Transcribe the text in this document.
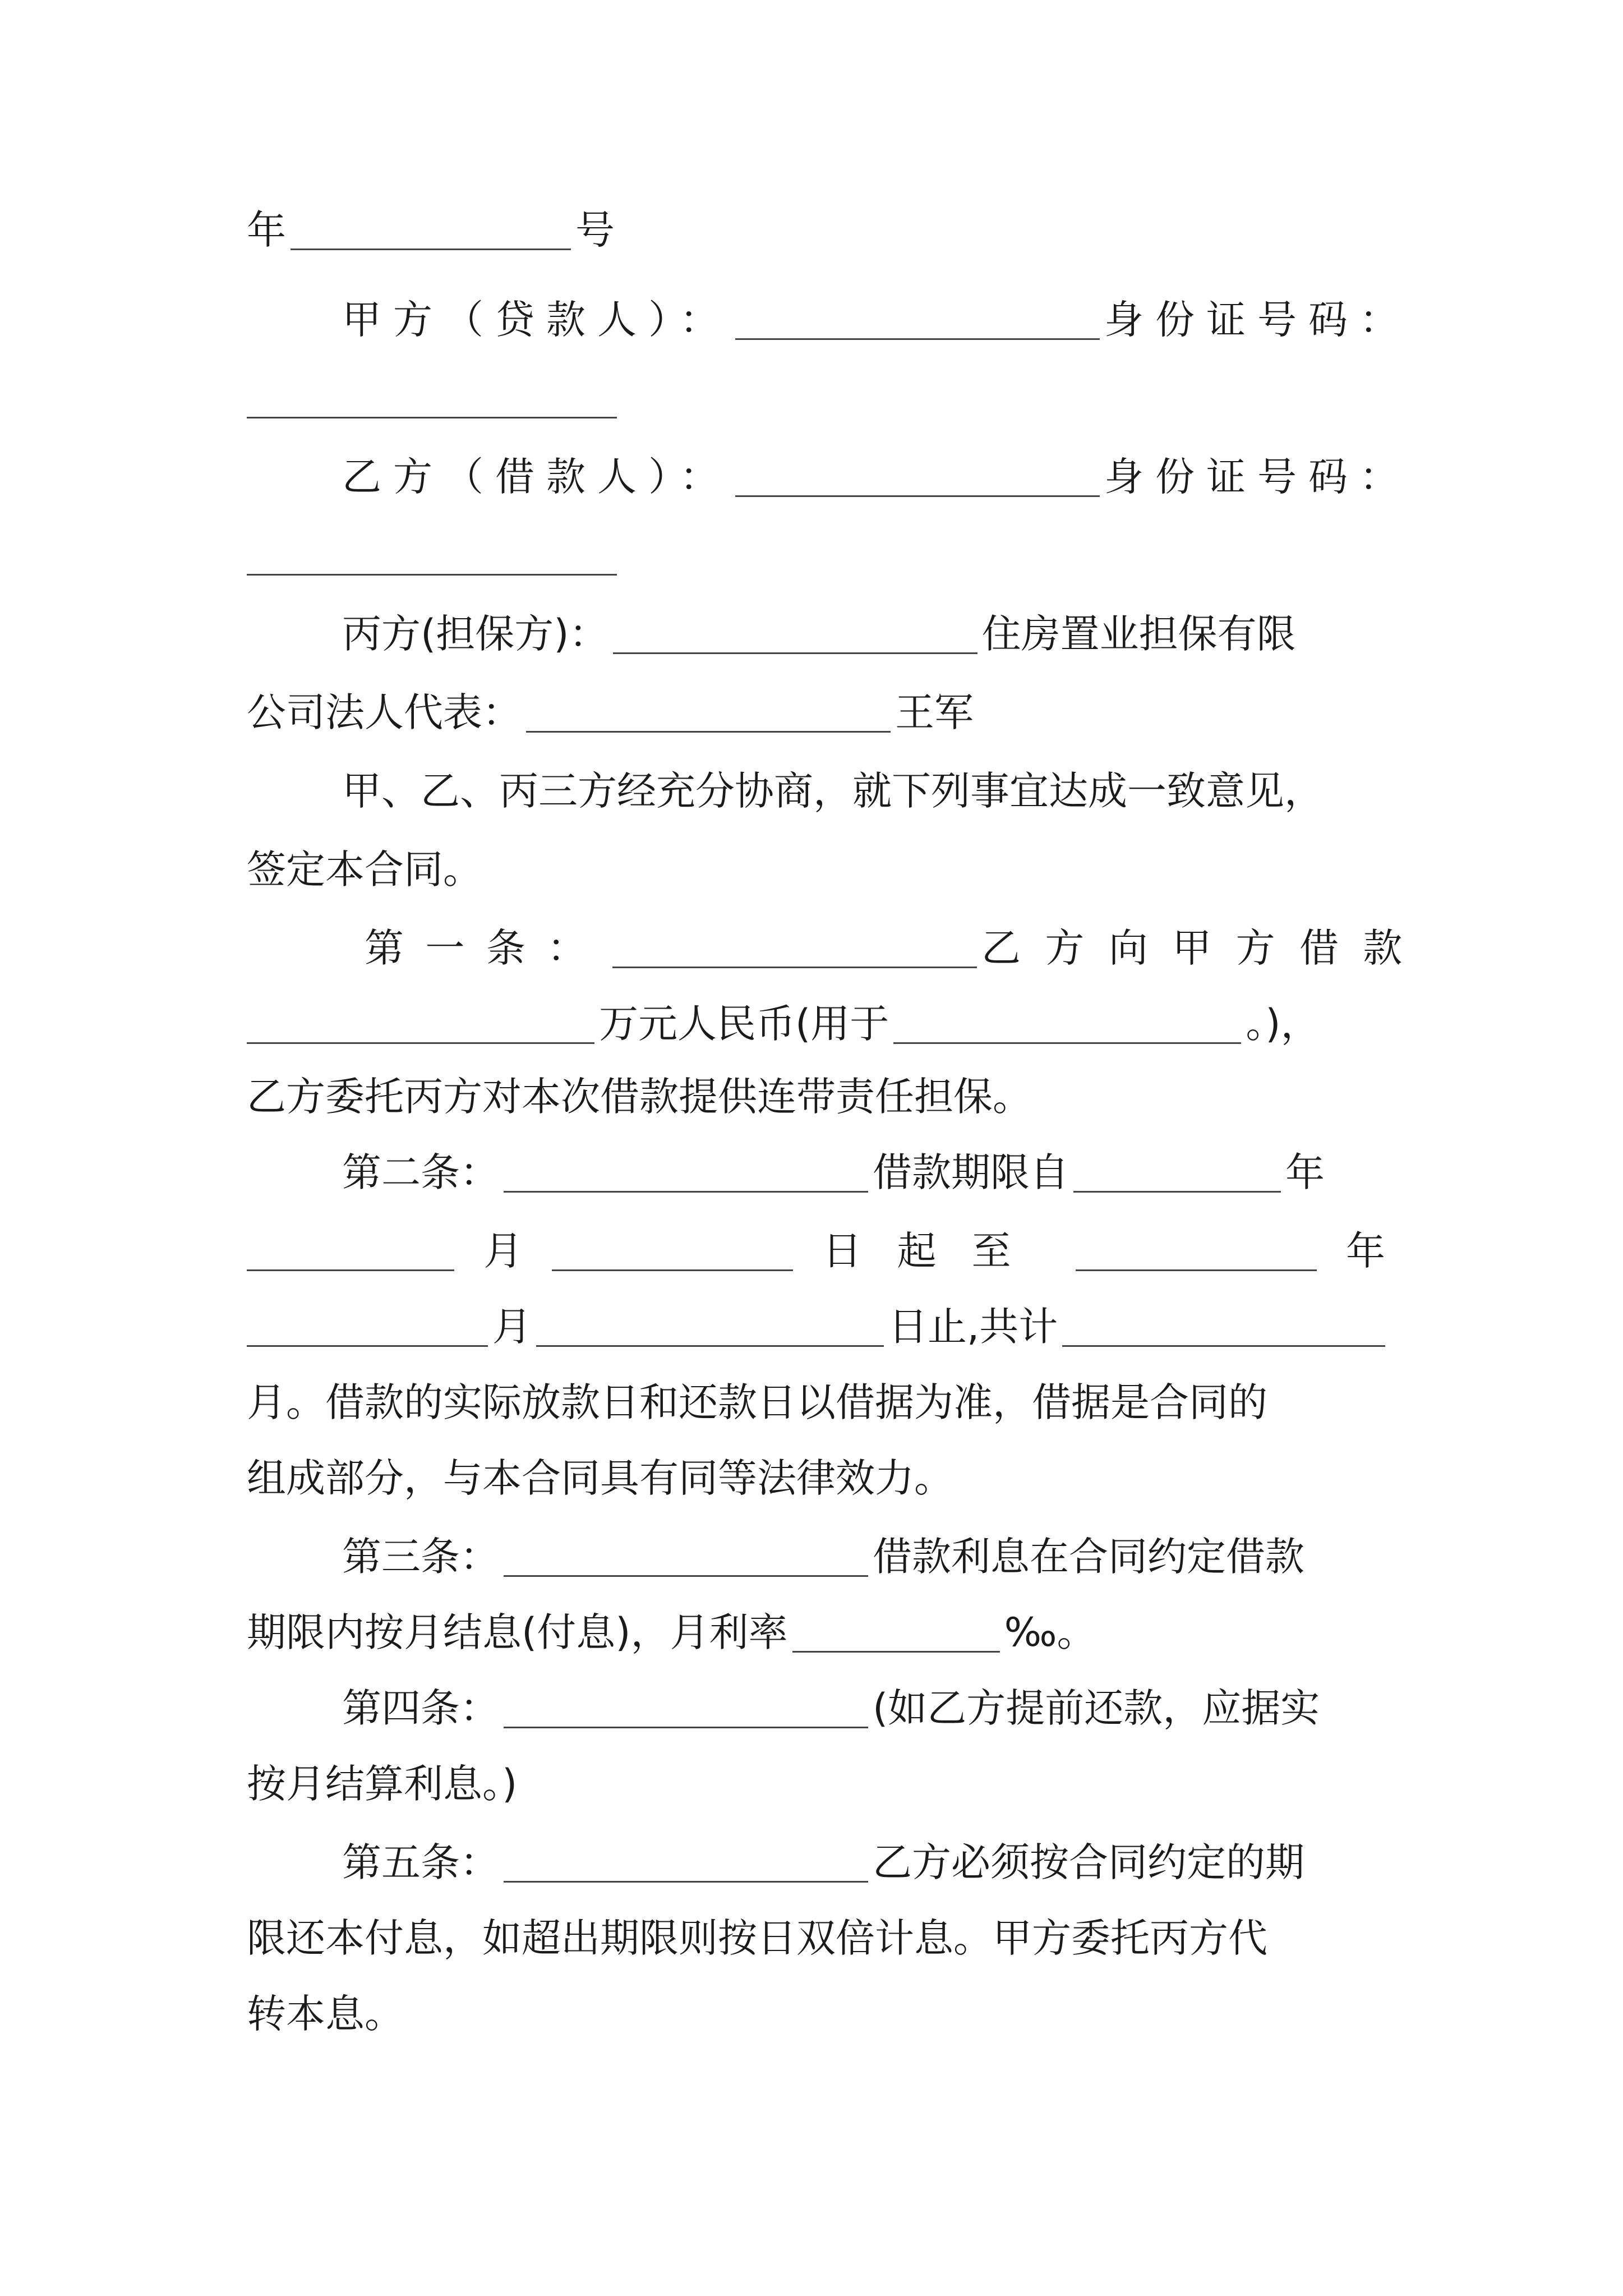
年	号
甲方（贷款人）：	身份证号码：
乙方（借款人）：	身份证号码：
丙方(担保方)：	住房置业担保有限
公司法人代表：	王军
甲、乙、丙三方经充分协商，就下列事宜达成一致意见，
签定本合同。
第一条：	乙方向甲方借款
万元人民币(用于	。)，
乙方委托丙方对本次借款提供连带责任担保。
第二条：	借款期限自	年
月	日起至	年
月	日止,共计
月。借款的实际放款日和还款日以借据为准，借据是合同的
组成部分，与本合同具有同等法律效力。
第三条：	借款利息在合同约定借款
期限内按月结息(付息)，月利率	‰。
第四条：	(如乙方提前还款，应据实
按月结算利息。)
第五条：	乙方必须按合同约定的期
限还本付息，如超出期限则按日双倍计息。甲方委托丙方代
转本息。
